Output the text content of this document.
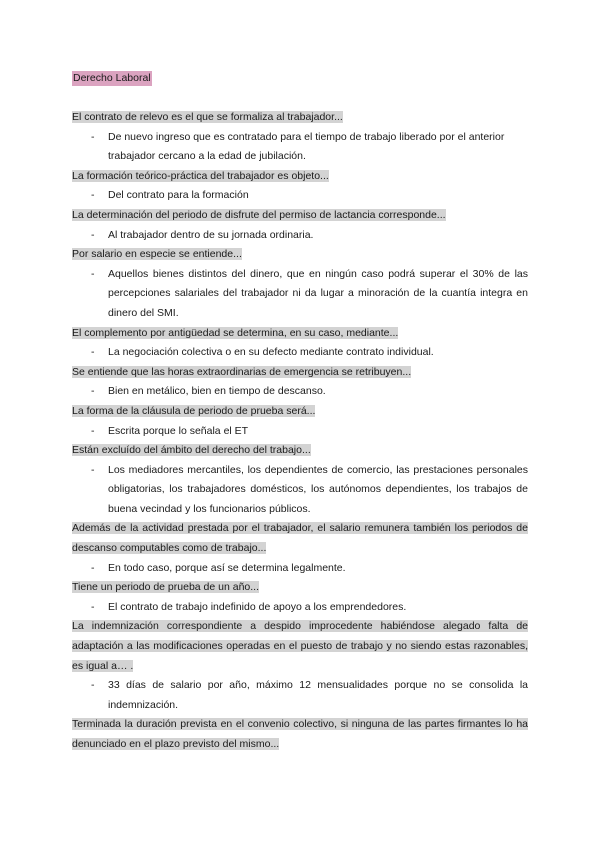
Derecho Laboral
El contrato de relevo es el que se formaliza al trabajador...
- De nuevo ingreso que es contratado para el tiempo de trabajo liberado por el anterior trabajador cercano a la edad de jubilación.
La formación teórico-práctica del trabajador es objeto...
- Del contrato para la formación
La determinación del periodo de disfrute del permiso de lactancia corresponde...
- Al trabajador dentro de su jornada ordinaria.
Por salario en especie se entiende...
- Aquellos bienes distintos del dinero, que en ningún caso podrá superar el 30% de las percepciones salariales del trabajador ni da lugar a minoración de la cuantía integra en dinero del SMI.
El complemento por antigüedad se determina, en su caso, mediante...
- La negociación colectiva o en su defecto mediante contrato individual.
Se entiende que las horas extraordinarias de emergencia se retribuyen...
- Bien en metálico, bien en tiempo de descanso.
La forma de la cláusula de periodo de prueba será...
- Escrita porque lo señala el ET
Están excluído del ámbito del derecho del trabajo...
- Los mediadores mercantiles, los dependientes de comercio, las prestaciones personales obligatorias, los trabajadores domésticos, los autónomos dependientes, los trabajos de buena vecindad y los funcionarios públicos.
Además de la actividad prestada por el trabajador, el salario remunera también los periodos de descanso computables como de trabajo...
- En todo caso, porque así se determina legalmente.
Tiene un periodo de prueba de un año...
- El contrato de trabajo indefinido de apoyo a los emprendedores.
La indemnización correspondiente a despido improcedente habiéndose alegado falta de adaptación a las modificaciones operadas en el puesto de trabajo y no siendo estas razonables, es igual a… .
- 33 días de salario por año, máximo 12 mensualidades porque no se consolida la indemnización.
Terminada la duración prevista en el convenio colectivo, si ninguna de las partes firmantes lo ha denunciado en el plazo previsto del mismo...
